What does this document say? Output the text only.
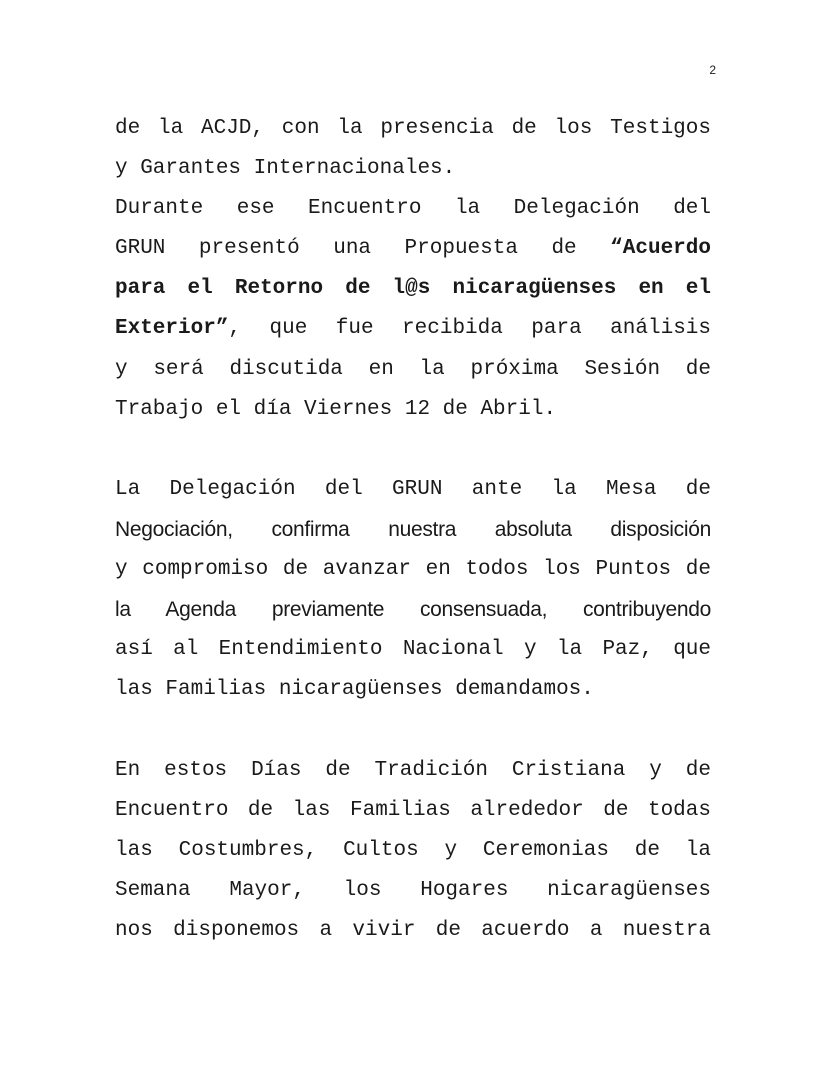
2
de la ACJD, con la presencia de los Testigos
y Garantes Internacionales.
Durante ese Encuentro la Delegación del
GRUN presentó una Propuesta de “Acuerdo
para el Retorno de l@s nicaragüenses en el
Exterior”, que fue recibida para análisis
y será discutida en la próxima Sesión de
Trabajo el día Viernes 12 de Abril.
La Delegación del GRUN ante la Mesa de
Negociación, confirma nuestra absoluta disposición
y compromiso de avanzar en todos los Puntos de
la Agenda previamente consensuada, contribuyendo
así al Entendimiento Nacional y la Paz, que
las Familias nicaragüenses demandamos.
En estos Días de Tradición Cristiana y de
Encuentro de las Familias alrededor de todas
las Costumbres, Cultos y Ceremonias de la
Semana Mayor, los Hogares nicaragüenses
nos disponemos a vivir de acuerdo a nuestra
